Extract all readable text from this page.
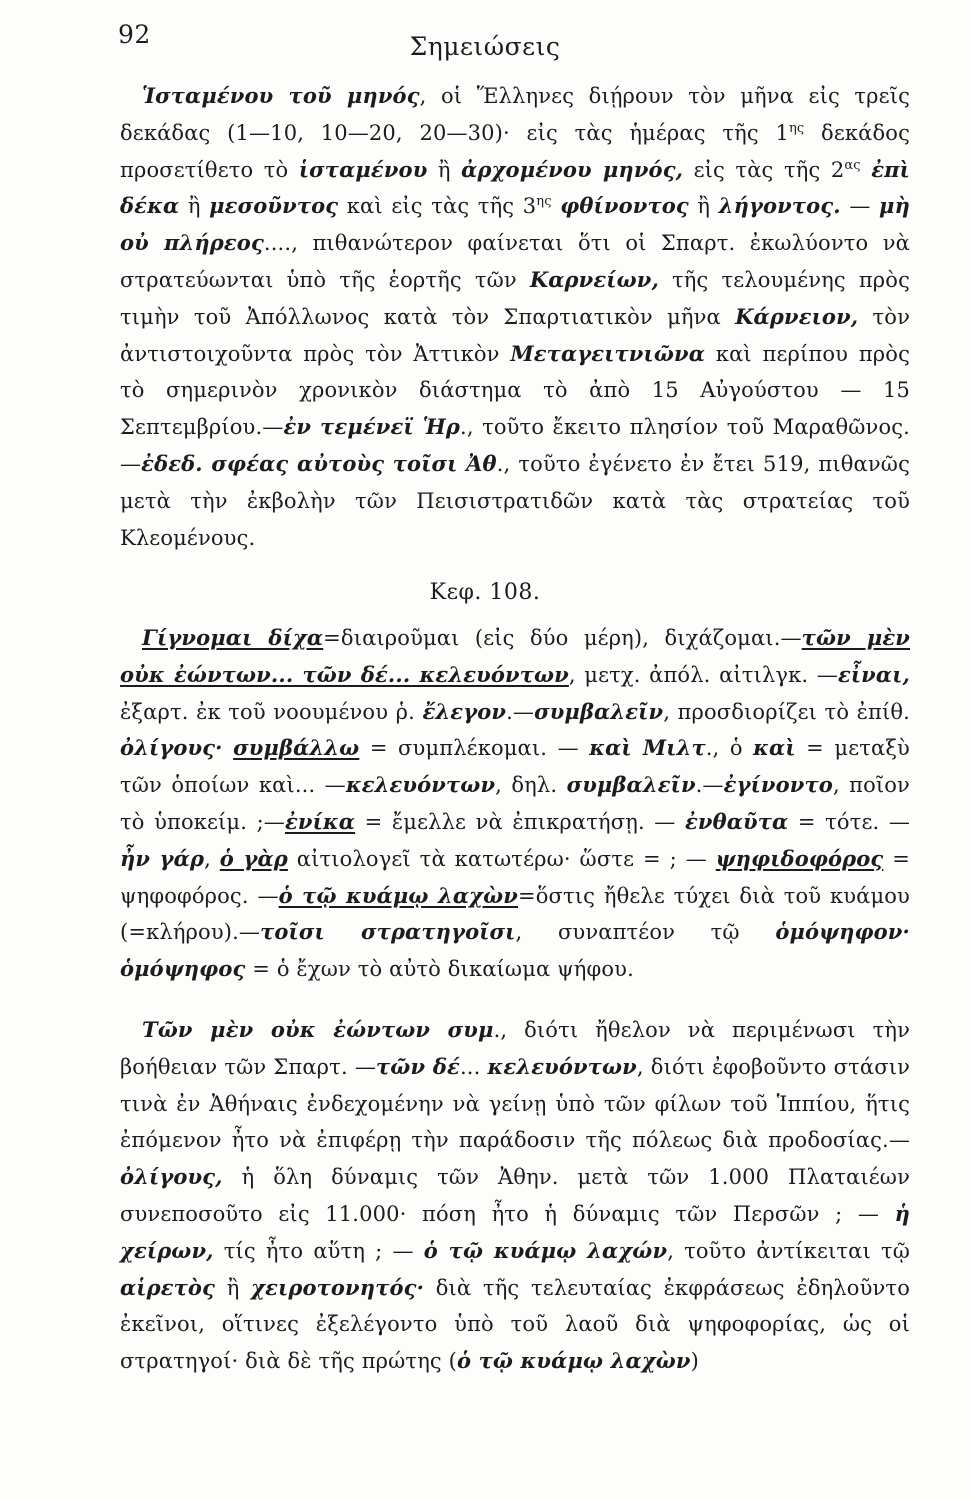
92	Σημειώσεις

Ἱσταμένου τοῦ μηνός, οἱ Ἕλληνες διῄρουν τὸν μῆνα εἰς τρεῖς δεκάδας (1—10, 10—20, 20—30)· εἰς τὰς ἡμέρας τῆς $1^{\eta\varsigma}$ δεκάδος προσετίθετο τὸ ἱσταμένου ἢ ἀρχομένου μηνός, εἰς τὰς τῆς $2^{\alpha\varsigma}$ ἐπὶ δέκα ἢ μεσοῦντος καὶ εἰς τὰς τῆς $3^{\eta\varsigma}$ φθίνοντος ἢ λήγοντος. — μὴ οὐ πλήρεος...., πιθανώτερον φαίνεται ὅτι οἱ Σπαρτ. ἐκωλύοντο νὰ στρατεύωνται ὑπὸ τῆς ἑορτῆς τῶν Καρνείων, τῆς τελουμένης πρὸς τιμὴν τοῦ Ἀπόλλωνος κατὰ τὸν Σπαρτιατικὸν μῆνα Κάρνειον, τὸν ἀντιστοιχοῦντα πρὸς τὸν Ἀττικὸν Μεταγειτνιῶνα καὶ περίπου πρὸς τὸ σημερινὸν χρονικὸν διάστημα τὸ ἀπὸ 15 Αὐγούστου — 15 Σεπτεμβρίου.—ἐν τεμένεϊ Ἡρ., τοῦτο ἔκειτο πλησίον τοῦ Μαραθῶνος.—ἐδεδ. σφέας αὐτοὺς τοῖσι Ἀθ., τοῦτο ἐγένετο ἐν ἔτει 519, πιθανῶς μετὰ τὴν ἐκβολὴν τῶν Πεισιστρατιδῶν κατὰ τὰς στρατείας τοῦ Κλεομένους.

Κεφ. 108.

Γίγνομαι δίχα=διαιροῦμαι (εἰς δύο μέρη), διχάζομαι.—τῶν μὲν οὐκ ἐώντων... τῶν δέ... κελευόντων, μετχ. ἀπόλ. αἰτιλγκ. —εἶναι, ἐξαρτ. ἐκ τοῦ νοουμένου ῥ. ἔλεγον.—συμβαλεῖν, προσδιορίζει τὸ ἐπίθ. ὀλίγους· συμβάλλω = συμπλέκομαι. — καὶ Μιλτ., ὁ καὶ = μεταξὺ τῶν ὁποίων καὶ... —κελευόντων, δηλ. συμβαλεῖν.—ἐγίνοντο, ποῖον τὸ ὑποκείμ. ;—ἐνίκα = ἔμελλε νὰ ἐπικρατήσῃ. — ἐνθαῦτα = τότε. —ἦν γάρ, ὁ γὰρ αἰτιολογεῖ τὰ κατωτέρω· ὥστε = ; — ψηφιδοφόρος = ψηφοφόρος. —ὁ τῷ κυάμῳ λαχὼν=ὅστις ἤθελε τύχει διὰ τοῦ κυάμου (=κλήρου).—τοῖσι στρατηγοῖσι, συναπτέον τῷ ὁμόψηφον· ὁμόψηφος = ὁ ἔχων τὸ αὐτὸ δικαίωμα ψήφου.

Τῶν μὲν οὐκ ἐώντων συμ., διότι ἤθελον νὰ περιμένωσι τὴν βοήθειαν τῶν Σπαρτ. —τῶν δέ... κελευόντων, διότι ἐφοβοῦντο στάσιν τινὰ ἐν Ἀθήναις ἐνδεχομένην νὰ γείνῃ ὑπὸ τῶν φίλων τοῦ Ἱππίου, ἥτις ἐπόμενον ἦτο νὰ ἐπιφέρῃ τὴν παράδοσιν τῆς πόλεως διὰ προδοσίας.— ὀλίγους, ἡ ὅλη δύναμις τῶν Ἀθην. μετὰ τῶν 1.000 Πλαταιέων συνεποσοῦτο εἰς 11.000· πόση ἦτο ἡ δύναμις τῶν Περσῶν ; — ἡ χείρων, τίς ἦτο αὕτη ; — ὁ τῷ κυάμῳ λαχών, τοῦτο ἀντίκειται τῷ αἱρετὸς ἢ χειροτονητός· διὰ τῆς τελευταίας ἐκφράσεως ἐδηλοῦντο ἐκεῖνοι, οἵτινες ἐξελέγοντο ὑπὸ τοῦ λαοῦ διὰ ψηφοφορίας, ὡς οἱ στρατηγοί· διὰ δὲ τῆς πρώτης (ὁ τῷ κυάμῳ λαχὼν)
